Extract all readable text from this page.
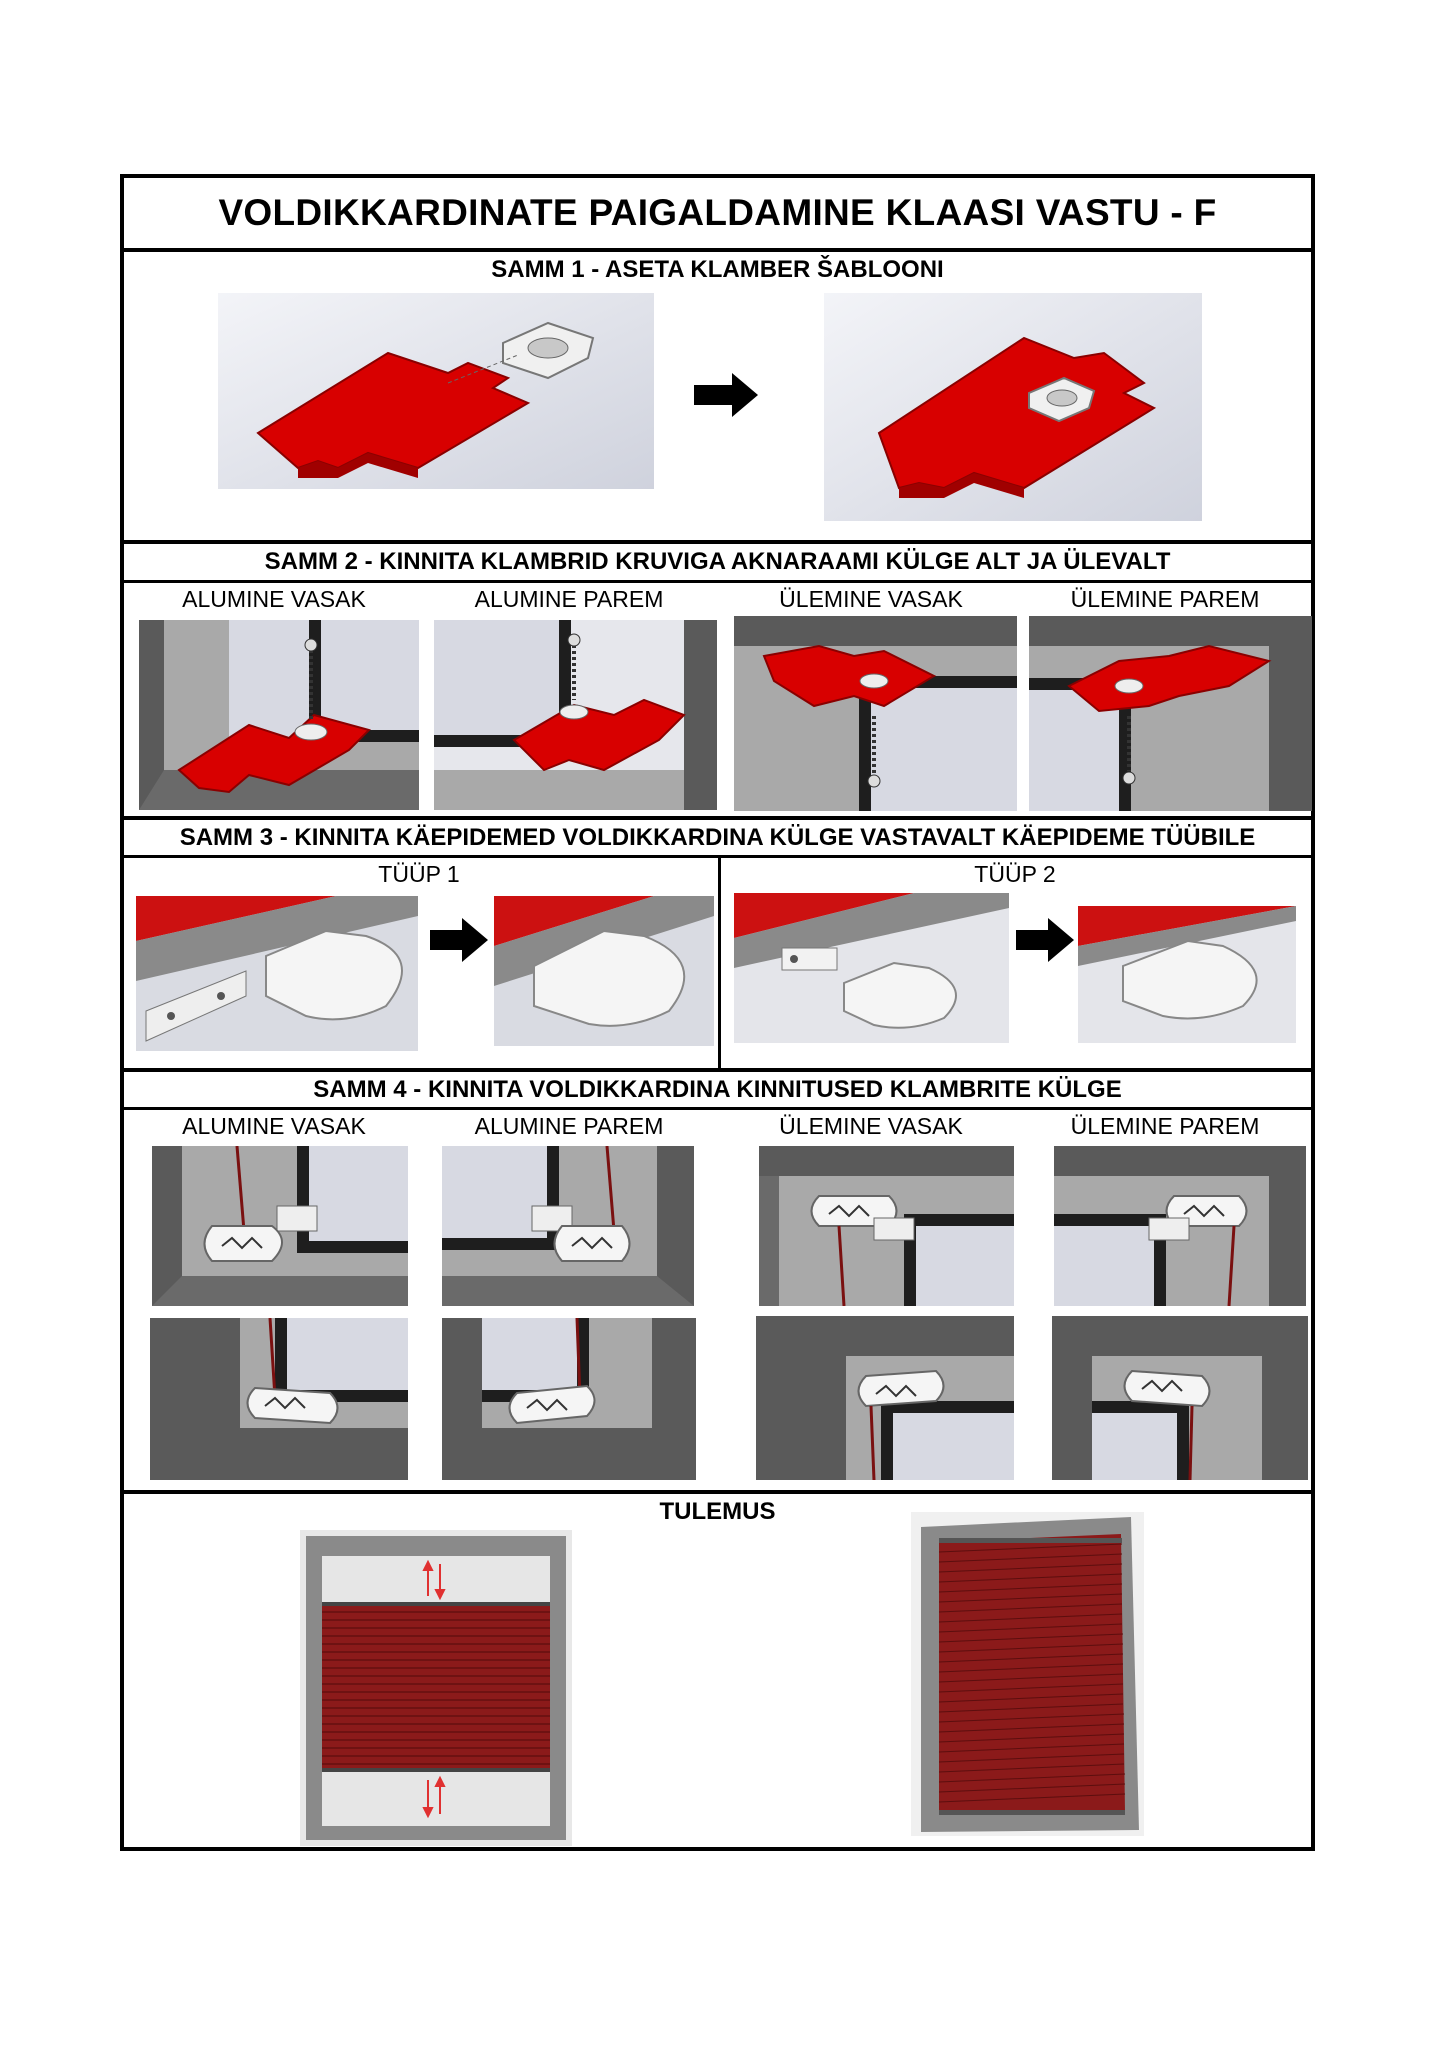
VOLDIKKARDINATE PAIGALDAMINE KLAASI VASTU - F
SAMM 1 - ASETA KLAMBER ŠABLOONI
SAMM 2 - KINNITA KLAMBRID KRUVIGA AKNARAAMI KÜLGE ALT JA ÜLEVALT
ALUMINE VASAK	ALUMINE PAREM	ÜLEMINE VASAK	ÜLEMINE PAREM
SAMM 3 - KINNITA KÄEPIDEMED VOLDIKKARDINA KÜLGE VASTAVALT KÄEPIDEME TÜÜBILE
TÜÜP 1	TÜÜP 2
SAMM 4 - KINNITA VOLDIKKARDINA KINNITUSED KLAMBRITE KÜLGE
ALUMINE VASAK	ALUMINE PAREM	ÜLEMINE VASAK	ÜLEMINE PAREM
TULEMUS
